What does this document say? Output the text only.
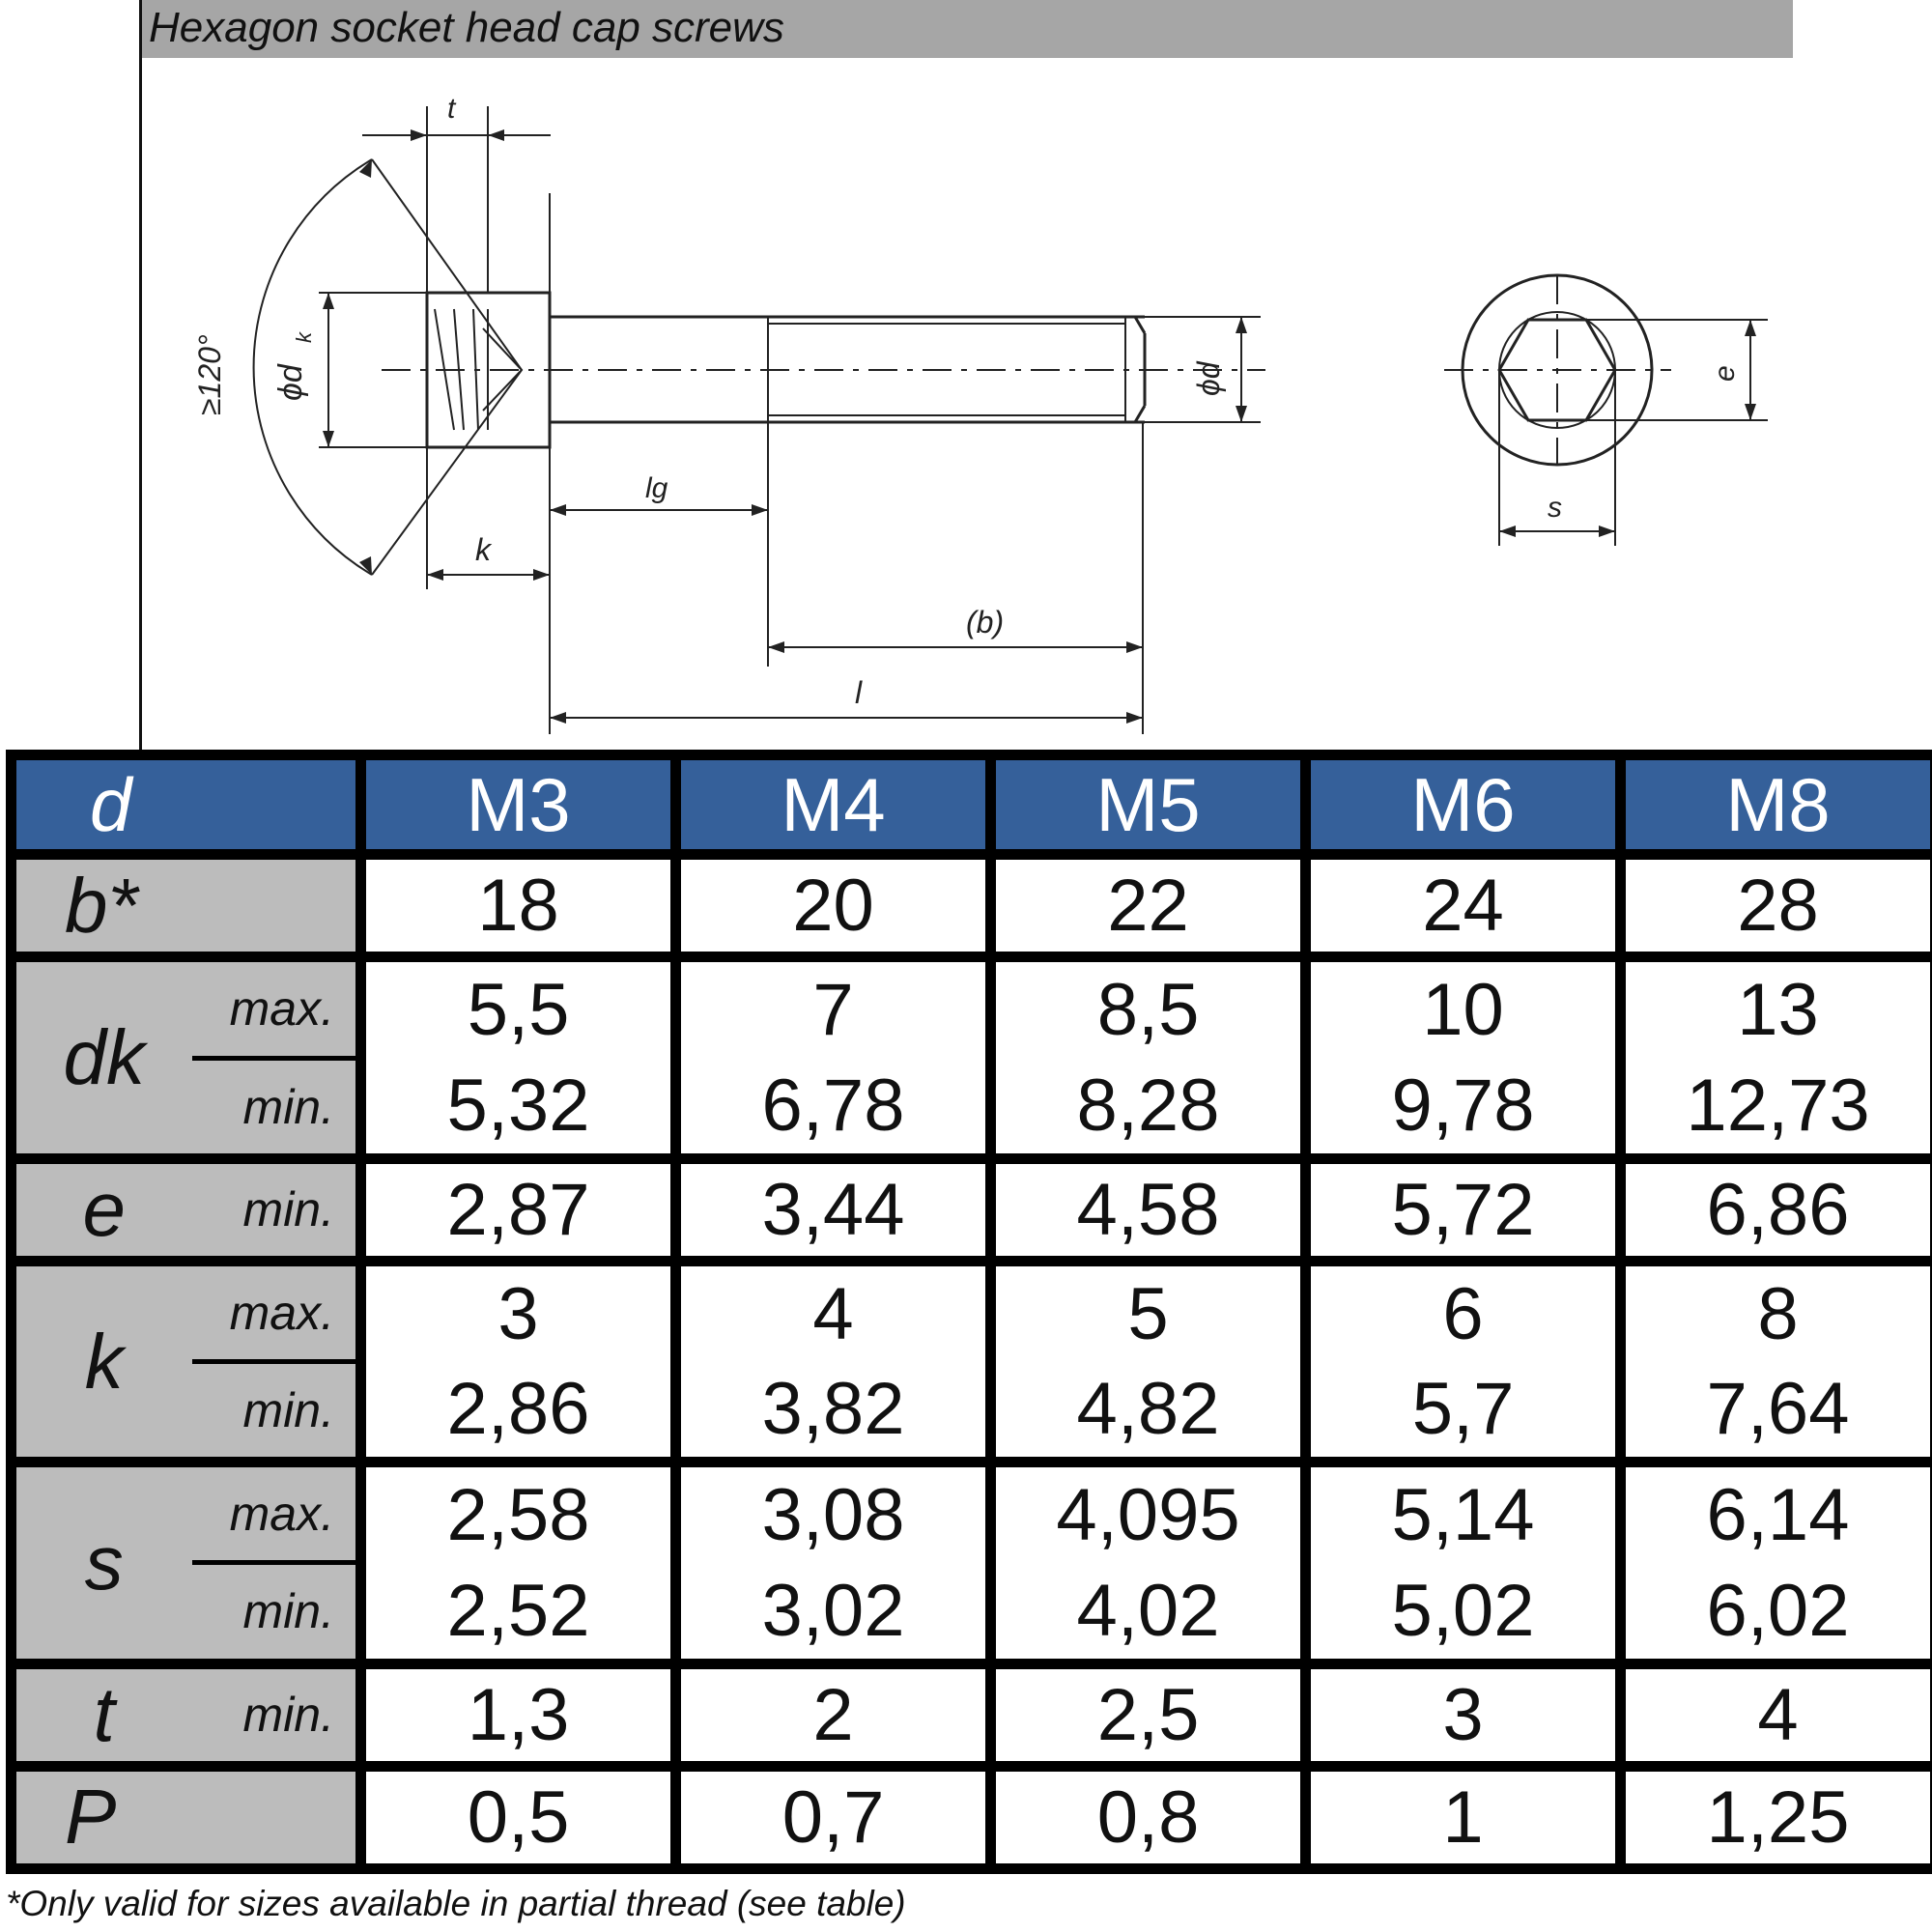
Hexagon socket head cap screws
t
≥120° ϕd
k
lg
k
(b)
l
ϕd	e
s
d		M3	M4	M5	M6	M8
b*		18	20	22	24	28
dk	max.	5,5	7	8,5	10	13
	min.	5,32	6,78	8,28	9,78	12,73
e	min.	2,87	3,44	4,58	5,72	6,86
k	max.	3	4	5	6	8
	min.	2,86	3,82	4,82	5,7	7,64
s	max.	2,58	3,08	4,095	5,14	6,14
	min.	2,52	3,02	4,02	5,02	6,02
t	min.	1,3	2	2,5	3	4
P		0,5	0,7	0,8	1	1,25
*Only valid for sizes available in partial thread (see table)
